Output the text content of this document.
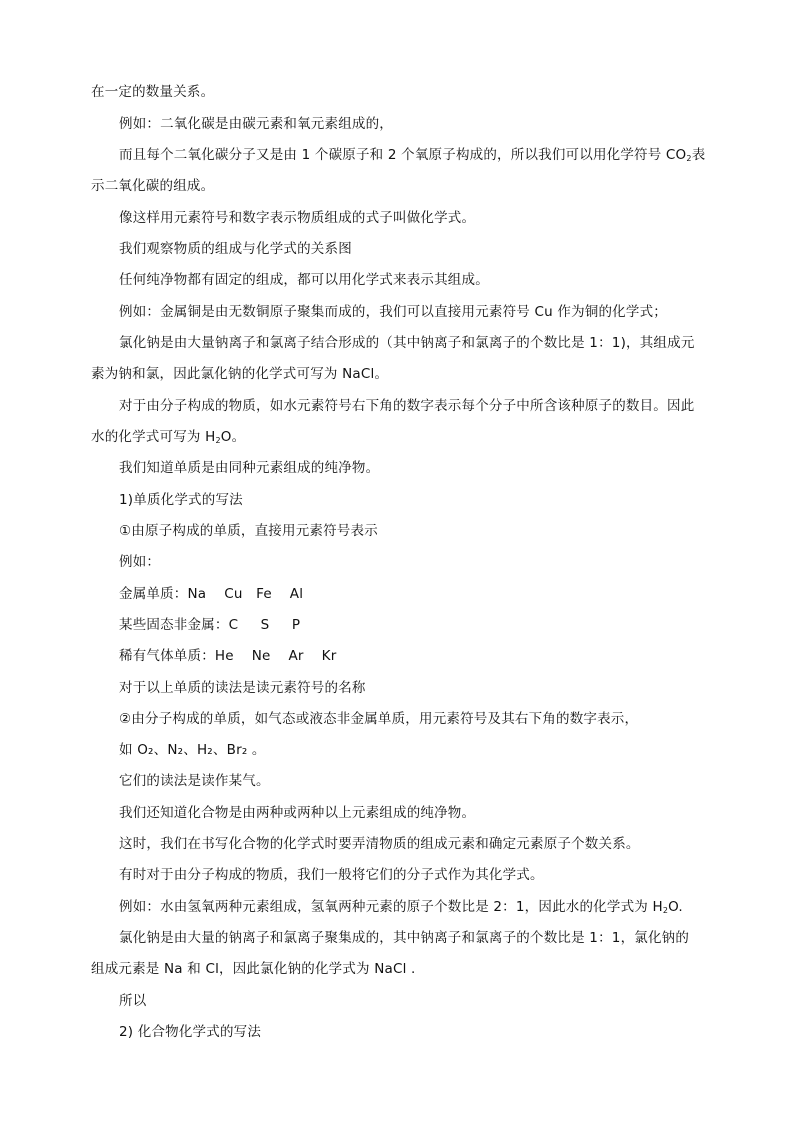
在一定的数量关系。
例如：二氧化碳是由碳元素和氧元素组成的，
而且每个二氧化碳分子又是由 1 个碳原子和 2 个氧原子构成的，所以我们可以用化学符号 $CO_2$表
示二氧化碳的组成。
像这样用元素符号和数字表示物质组成的式子叫做化学式。
我们观察物质的组成与化学式的关系图
任何纯净物都有固定的组成，都可以用化学式来表示其组成。
例如：金属铜是由无数铜原子聚集而成的，我们可以直接用元素符号 Cu 作为铜的化学式；
氯化钠是由大量钠离子和氯离子结合形成的（其中钠离子和氯离子的个数比是 1：1)，其组成元
素为钠和氯，因此氯化钠的化学式可写为 NaCl。
对于由分子构成的物质，如水元素符号右下角的数字表示每个分子中所含该种原子的数目。因此
水的化学式可写为 $H_2O$。
我们知道单质是由同种元素组成的纯净物。
1)单质化学式的写法
①由原子构成的单质，直接用元素符号表示
例如：
金属单质：Na    Cu   Fe    Al
某些固态非金属：C     S     P
稀有气体单质：He    Ne    Ar    Kr
对于以上单质的读法是读元素符号的名称
②由分子构成的单质，如气态或液态非金属单质，用元素符号及其右下角的数字表示，
如 O₂、N₂、H₂、Br₂ 。
它们的读法是读作某气。
我们还知道化合物是由两种或两种以上元素组成的纯净物。
这时，我们在书写化合物的化学式时要弄清物质的组成元素和确定元素原子个数关系。
有时对于由分子构成的物质，我们一般将它们的分子式作为其化学式。
例如：水由氢氧两种元素组成，氢氧两种元素的原子个数比是 2：1，因此水的化学式为 $H_2O$.
氯化钠是由大量的钠离子和氯离子聚集成的，其中钠离子和氯离子的个数比是 1：1，氯化钠的
组成元素是 Na 和 Cl，因此氯化钠的化学式为 NaCl .
所以
2) 化合物化学式的写法
